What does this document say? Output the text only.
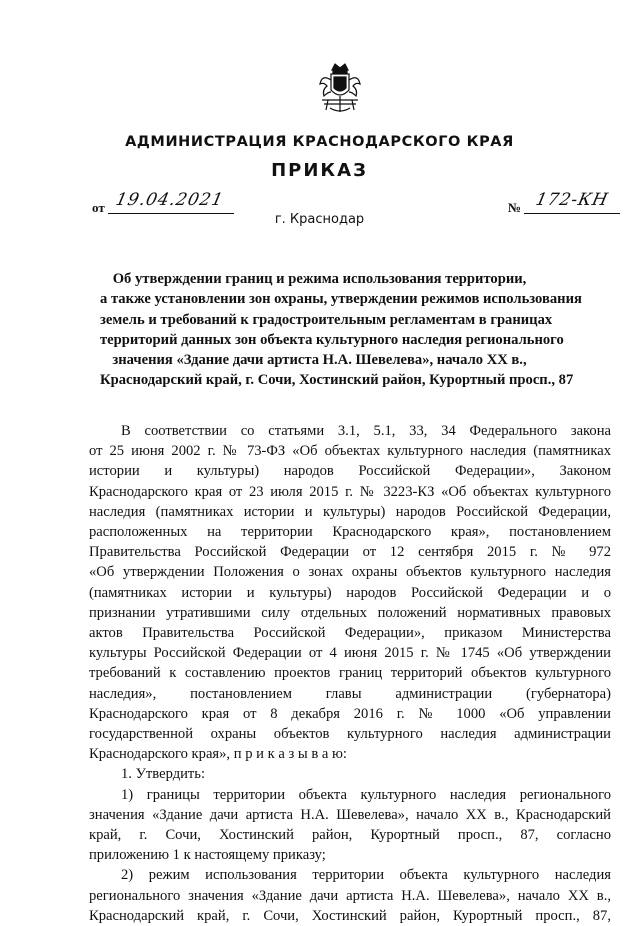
АДМИНИСТРАЦИЯ КРАСНОДАРСКОГО КРАЯ
ПРИКАЗ
от 19.04.2021	№ 172-КН
г. Краснодар
Об утверждении границ и режима использования территории,
а также установлении зон охраны, утверждении режимов использования
земель и требований к градостроительным регламентам в границах
территорий данных зон объекта культурного наследия регионального
значения «Здание дачи артиста Н.А. Шевелева», начало XX в.,
Краснодарский край, г. Сочи, Хостинский район, Курортный просп., 87
В соответствии со статьями 3.1, 5.1, 33, 34 Федерального закона
от 25 июня 2002 г. № 73-ФЗ «Об объектах культурного наследия (памятниках
истории и культуры) народов Российской Федерации», Законом
Краснодарского края от 23 июля 2015 г. № 3223-КЗ «Об объектах культурного
наследия (памятниках истории и культуры) народов Российской Федерации,
расположенных на территории Краснодарского края», постановлением
Правительства Российской Федерации от 12 сентября 2015 г. № 972
«Об утверждении Положения о зонах охраны объектов культурного наследия
(памятниках истории и культуры) народов Российской Федерации и о
признании утратившими силу отдельных положений нормативных правовых
актов Правительства Российской Федерации», приказом Министерства
культуры Российской Федерации от 4 июня 2015 г. № 1745 «Об утверждении
требований к составлению проектов границ территорий объектов культурного
наследия», постановлением главы администрации (губернатора)
Краснодарского края от 8 декабря 2016 г. № 1000 «Об управлении
государственной охраны объектов культурного наследия администрации
Краснодарского края», п р и к а з ы в а ю:
1. Утвердить:
1) границы территории объекта культурного наследия регионального
значения «Здание дачи артиста Н.А. Шевелева», начало XX в., Краснодарский
край, г. Сочи, Хостинский район, Курортный просп., 87, согласно
приложению 1 к настоящему приказу;
2) режим использования территории объекта культурного наследия
регионального значения «Здание дачи артиста Н.А. Шевелева», начало XX в.,
Краснодарский край, г. Сочи, Хостинский район, Курортный просп., 87,
